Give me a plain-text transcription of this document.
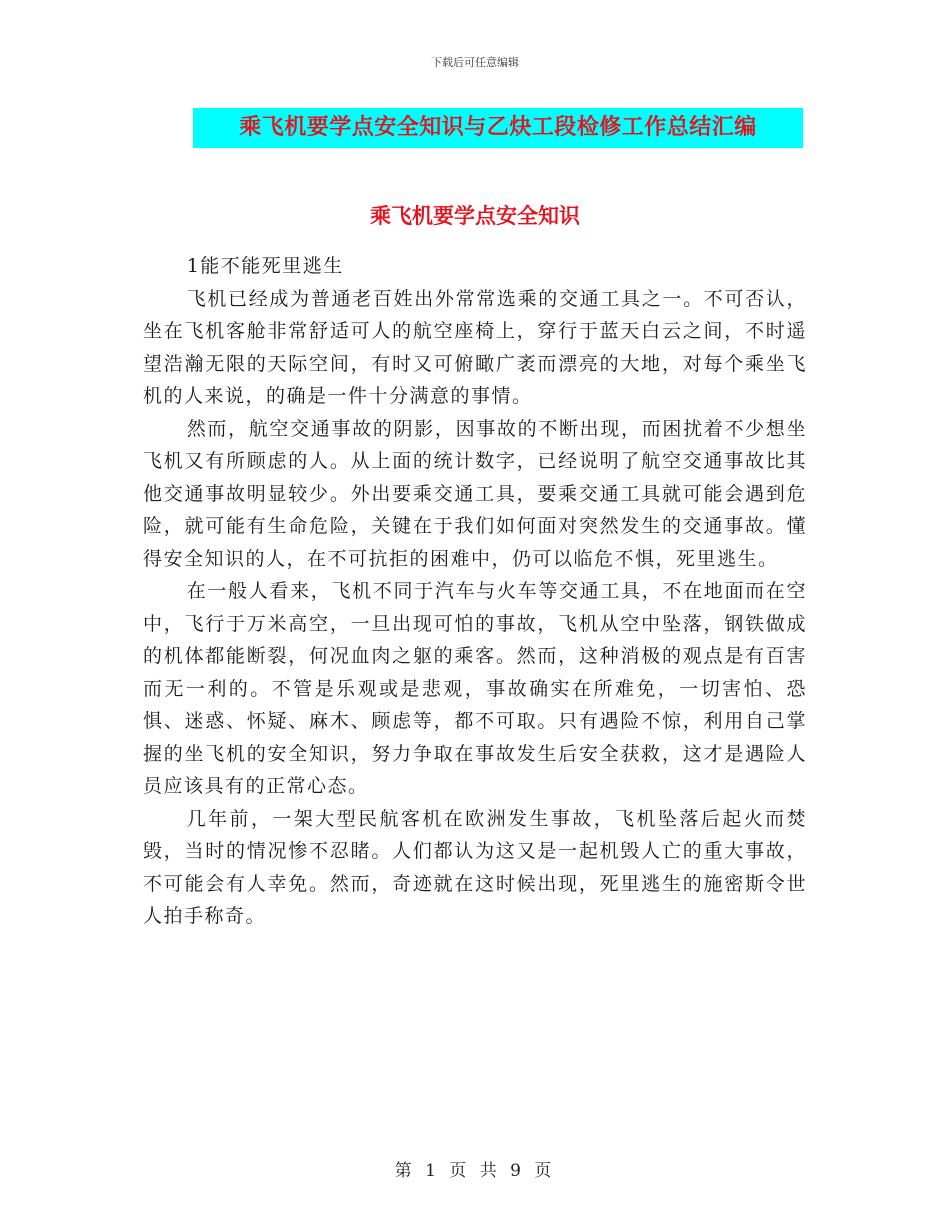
下载后可任意编辑
乘飞机要学点安全知识与乙炔工段检修工作总结汇编
乘飞机要学点安全知识

1能不能死里逃生

飞机已经成为普通老百姓出外常常选乘的交通工具之一。不可否认，坐在飞机客舱非常舒适可人的航空座椅上，穿行于蓝天白云之间，不时遥望浩瀚无限的天际空间，有时又可俯瞰广袤而漂亮的大地，对每个乘坐飞机的人来说，的确是一件十分满意的事情。

然而，航空交通事故的阴影，因事故的不断出现，而困扰着不少想坐飞机又有所顾虑的人。从上面的统计数字，已经说明了航空交通事故比其他交通事故明显较少。外出要乘交通工具，要乘交通工具就可能会遇到危险，就可能有生命危险，关键在于我们如何面对突然发生的交通事故。懂得安全知识的人，在不可抗拒的困难中，仍可以临危不惧，死里逃生。

在一般人看来，飞机不同于汽车与火车等交通工具，不在地面而在空中，飞行于万米高空，一旦出现可怕的事故，飞机从空中坠落，钢铁做成的机体都能断裂，何况血肉之躯的乘客。然而，这种消极的观点是有百害而无一利的。不管是乐观或是悲观，事故确实在所难免，一切害怕、恐惧、迷惑、怀疑、麻木、顾虑等，都不可取。只有遇险不惊，利用自己掌握的坐飞机的安全知识，努力争取在事故发生后安全获救，这才是遇险人员应该具有的正常心态。

几年前，一架大型民航客机在欧洲发生事故，飞机坠落后起火而焚毁，当时的情况惨不忍睹。人们都认为这又是一起机毁人亡的重大事故，不可能会有人幸免。然而，奇迹就在这时候出现，死里逃生的施密斯令世人拍手称奇。

第 1 页 共 9 页
